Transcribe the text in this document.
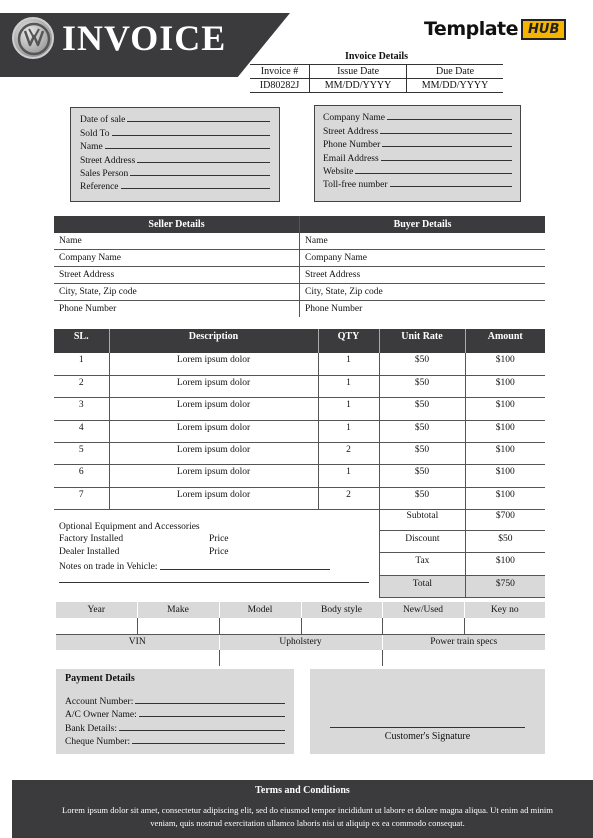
INVOICE	Template HUB
Invoice Details
Invoice #	Issue Date	Due Date
ID80282J	MM/DD/YYYY	MM/DD/YYYY
Date of sale
Sold To
Name
Street Address
Sales Person
Reference
Company Name
Street Address
Phone Number
Email Address
Website
Toll-free number
Seller Details	Buyer Details
Name	Name
Company Name	Company Name
Street Address	Street Address
City, State, Zip code	City, State, Zip code
Phone Number	Phone Number
SL.	Description	QTY	Unit Rate	Amount
1	Lorem ipsum dolor	1	$50	$100
2	Lorem ipsum dolor	1	$50	$100
3	Lorem ipsum dolor	1	$50	$100
4	Lorem ipsum dolor	1	$50	$100
5	Lorem ipsum dolor	2	$50	$100
6	Lorem ipsum dolor	1	$50	$100
7	Lorem ipsum dolor	2	$50	$100
Optional Equipment and Accessories
Factory Installed	Price
Dealer Installed	Price
Notes on trade in Vehicle:
Subtotal	$700
Discount	$50
Tax	$100
Total	$750
Year	Make	Model	Body style	New/Used	Key no

VIN		Upholstery		Power train specs	

Payment Details
Account Number:
A/C Owner Name:
Bank Details:
Cheque Number:
Customer's Signature
Terms and Conditions
Lorem ipsum dolor sit amet, consectetur adipiscing elit, sed do eiusmod tempor incididunt ut labore et dolore magna aliqua. Ut enim ad minim
veniam, quis nostrud exercitation ullamco laboris nisi ut aliquip ex ea commodo consequat.
